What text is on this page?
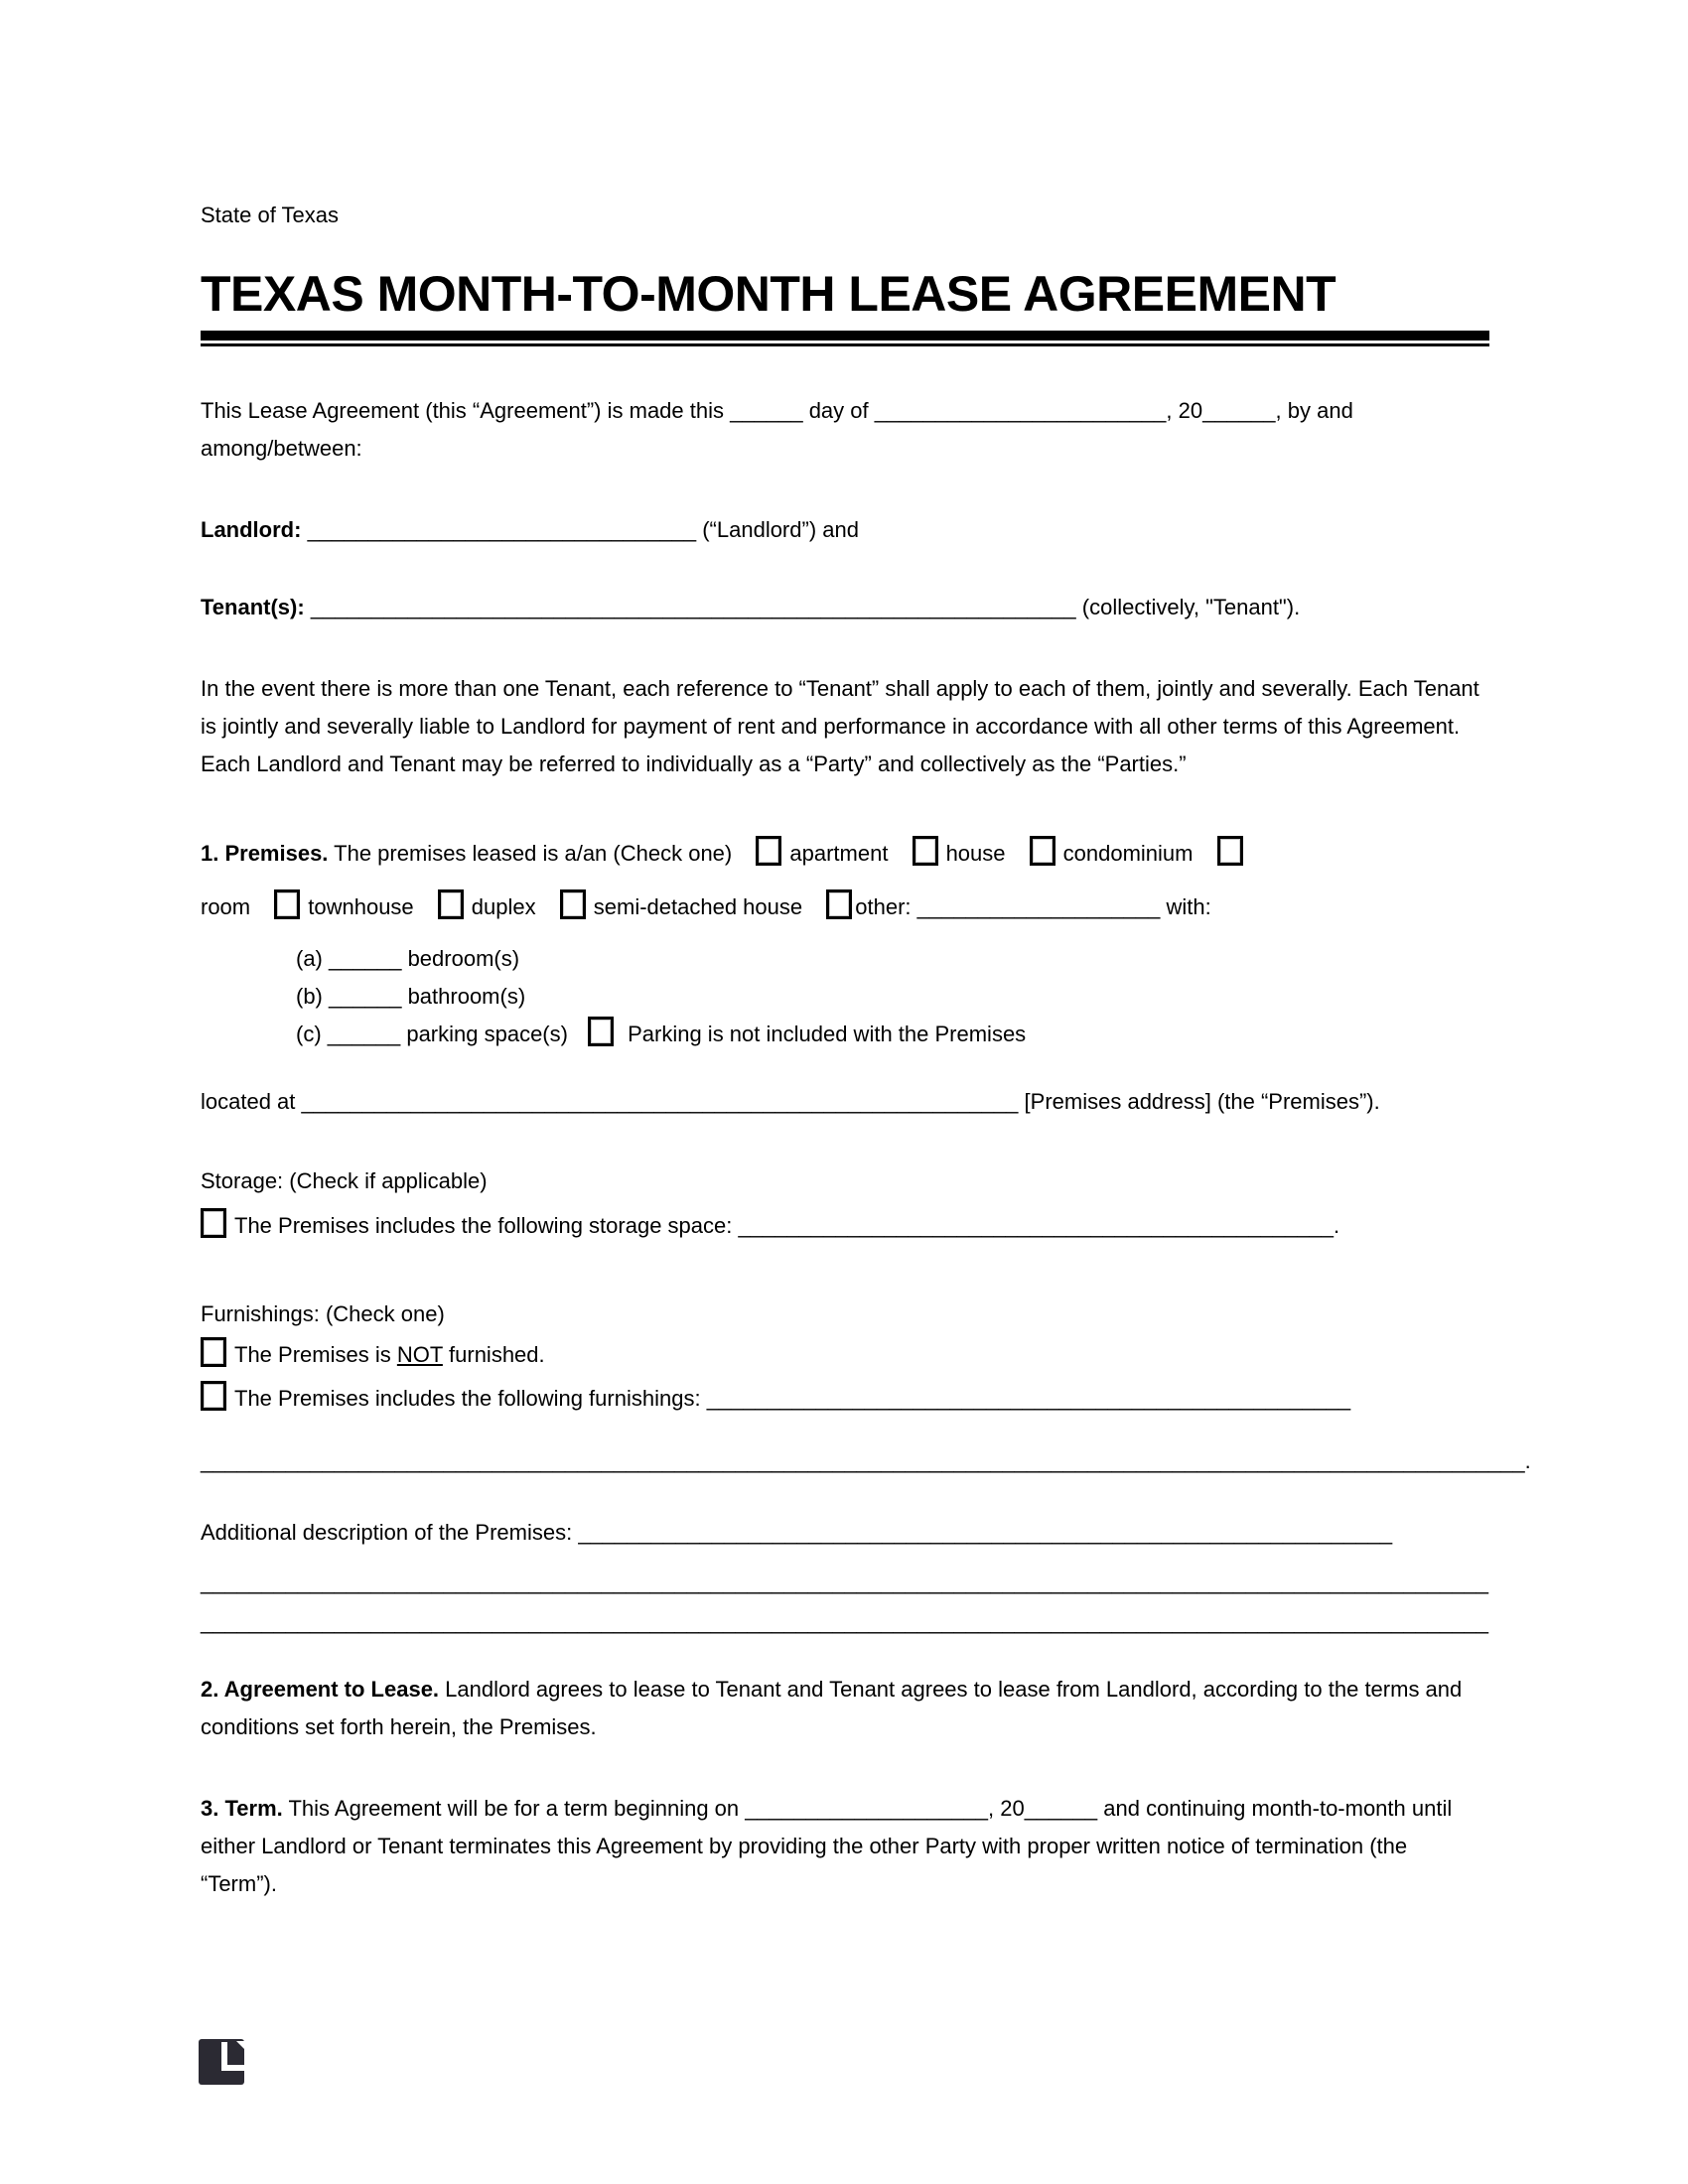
State of Texas
TEXAS MONTH-TO-MONTH LEASE AGREEMENT
This Lease Agreement (this “Agreement”) is made this ______ day of ________________________, 20______, by and
among/between:
Landlord: ________________________________ (“Landlord”) and
Tenant(s): _______________________________________________________________ (collectively, "Tenant").
In the event there is more than one Tenant, each reference to “Tenant” shall apply to each of them, jointly and severally. Each Tenant is jointly and severally liable to Landlord for payment of rent and performance in accordance with all other terms of this Agreement. Each Landlord and Tenant may be referred to individually as a “Party” and collectively as the “Parties.”
1. Premises. The premises leased is a/an (Check one)	apartment	house	condominium
room	townhouse	duplex	semi-detached house other: ____________________ with:
(a) ______ bedroom(s)
(b) ______ bathroom(s)
(c) ______ parking space(s)	Parking is not included with the Premises
located at ___________________________________________________________ [Premises address] (the “Premises”).
Storage: (Check if applicable)
The Premises includes the following storage space: _________________________________________________.
Furnishings: (Check one)
The Premises is NOT furnished.
The Premises includes the following furnishings: _____________________________________________________
_____________________________________________________________________________________________________________.
Additional description of the Premises: ___________________________________________________________________
__________________________________________________________________________________________________________
__________________________________________________________________________________________________________
2. Agreement to Lease. Landlord agrees to lease to Tenant and Tenant agrees to lease from Landlord, according to the terms and conditions set forth herein, the Premises.
3. Term. This Agreement will be for a term beginning on ____________________, 20______ and continuing month-to-month until either Landlord or Tenant terminates this Agreement by providing the other Party with proper written notice of termination (the “Term”).
